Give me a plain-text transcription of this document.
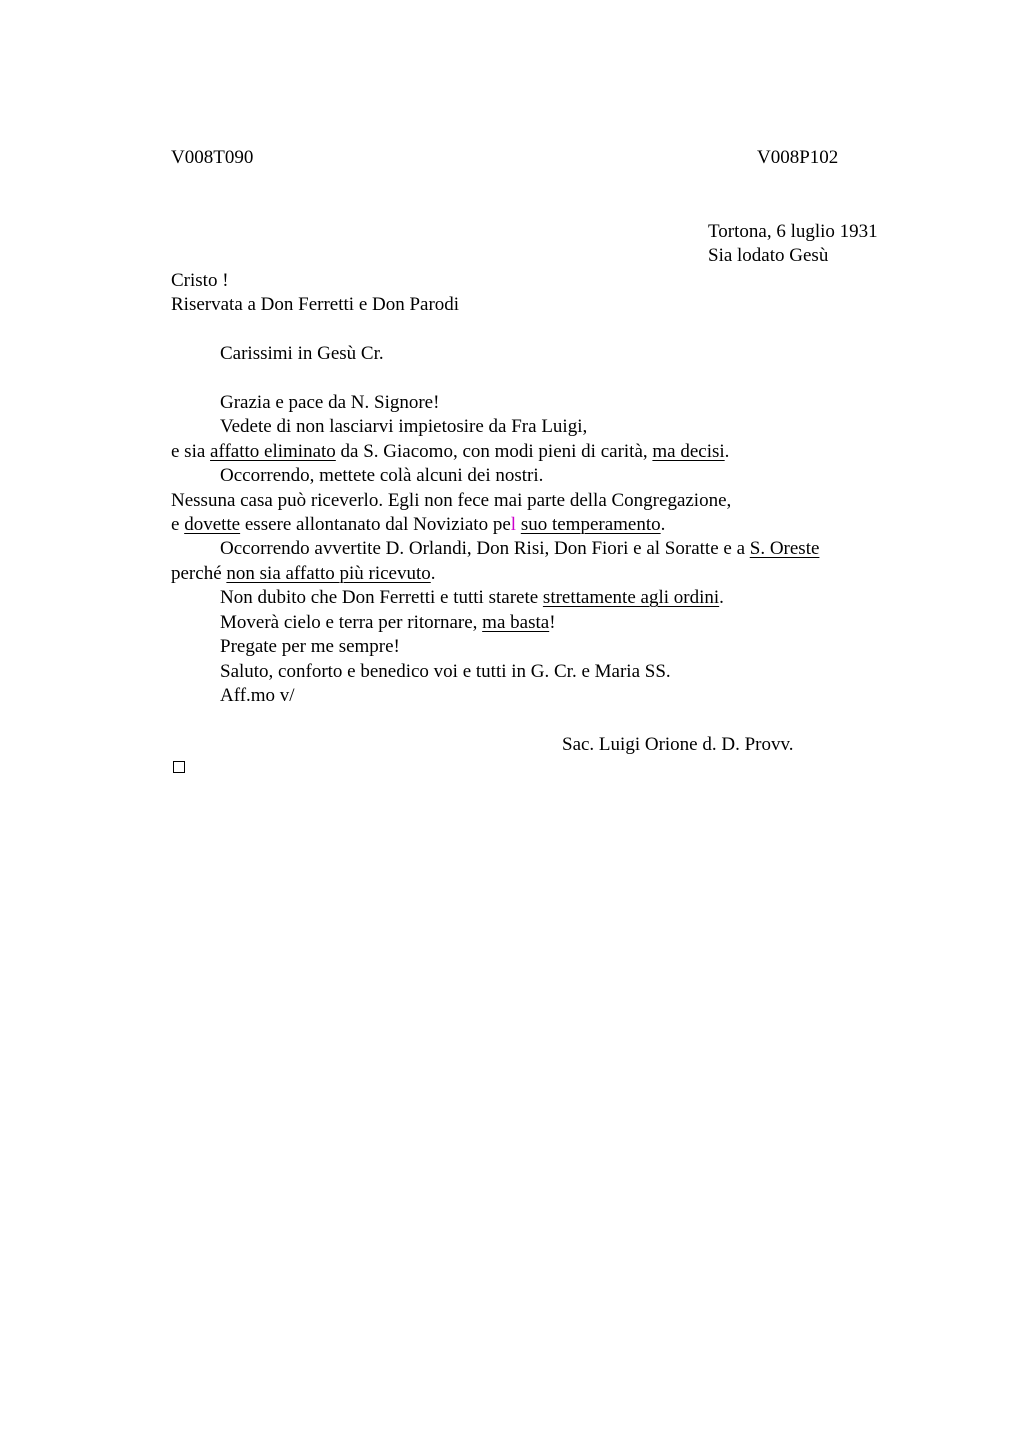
V008T090	V008P102
Tortona, 6 luglio 1931
Sia lodato Gesù
Cristo !
Riservata a Don Ferretti e Don Parodi
Carissimi in Gesù Cr.
Grazia e pace da N. Signore!
Vedete di non lasciarvi impietosire da Fra Luigi,
e sia affatto eliminato da S. Giacomo, con modi pieni di carità, ma decisi.
Occorrendo, mettete colà alcuni dei nostri.
Nessuna casa può riceverlo. Egli non fece mai parte della Congregazione,
e dovette essere allontanato dal Noviziato pel suo temperamento.
Occorrendo avvertite D. Orlandi, Don Risi, Don Fiori e al Soratte e a S. Oreste
perché non sia affatto più ricevuto.
Non dubito che Don Ferretti e tutti starete strettamente agli ordini.
Moverà cielo e terra per ritornare, ma basta!
Pregate per me sempre!
Saluto, conforto e benedico voi e tutti in G. Cr. e Maria SS.
Aff.mo v/
Sac. Luigi Orione d. D. Provv.
